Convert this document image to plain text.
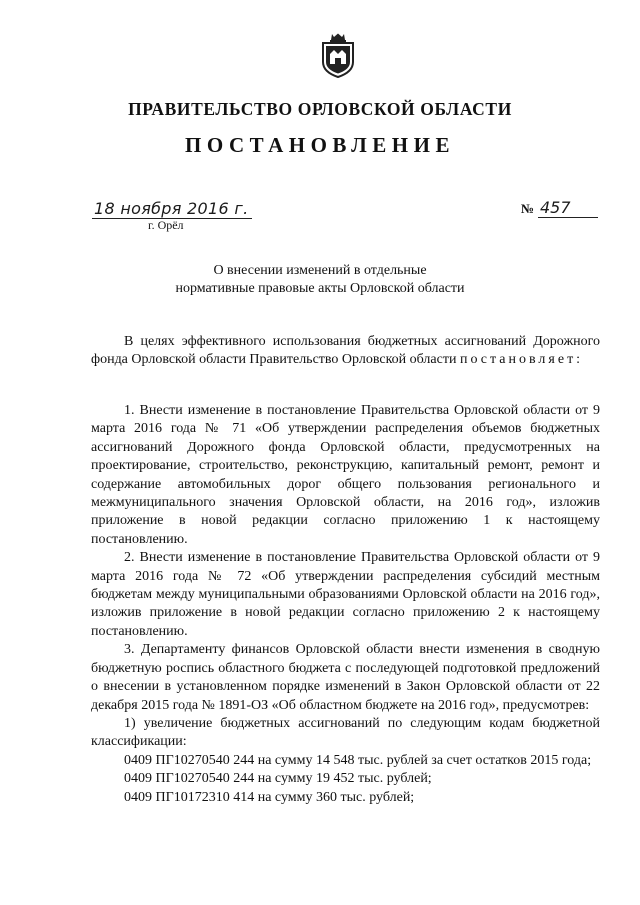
ПРАВИТЕЛЬСТВО ОРЛОВСКОЙ ОБЛАСТИ
ПОСТАНОВЛЕНИЕ
18 ноября 2016 г.
г. Орёл
№ 457
О внесении изменений в отдельные
нормативные правовые акты Орловской области

В целях эффективного использования бюджетных ассигнований Дорожного фонда Орловской области Правительство Орловской области постановляет:

1. Внести изменение в постановление Правительства Орловской области от 9 марта 2016 года № 71 «Об утверждении распределения объемов бюджетных ассигнований Дорожного фонда Орловской области, предусмотренных на проектирование, строительство, реконструкцию, капитальный ремонт, ремонт и содержание автомобильных дорог общего пользования регионального и межмуниципального значения Орловской области, на 2016 год», изложив приложение в новой редакции согласно приложению 1 к настоящему постановлению.

2. Внести изменение в постановление Правительства Орловской области от 9 марта 2016 года № 72 «Об утверждении распределения субсидий местным бюджетам между муниципальными образованиями Орловской области на 2016 год», изложив приложение в новой редакции согласно приложению 2 к настоящему постановлению.

3. Департаменту финансов Орловской области внести изменения в сводную бюджетную роспись областного бюджета с последующей подготовкой предложений о внесении в установленном порядке изменений в Закон Орловской области от 22 декабря 2015 года № 1891-ОЗ «Об областном бюджете на 2016 год», предусмотрев:

1) увеличение бюджетных ассигнований по следующим кодам бюджетной классификации:

0409 ПГ10270540 244 на сумму 14 548 тыс. рублей за счет остатков 2015 года;

0409 ПГ10270540 244 на сумму 19 452 тыс. рублей;

0409 ПГ10172310 414 на сумму 360 тыс. рублей;
